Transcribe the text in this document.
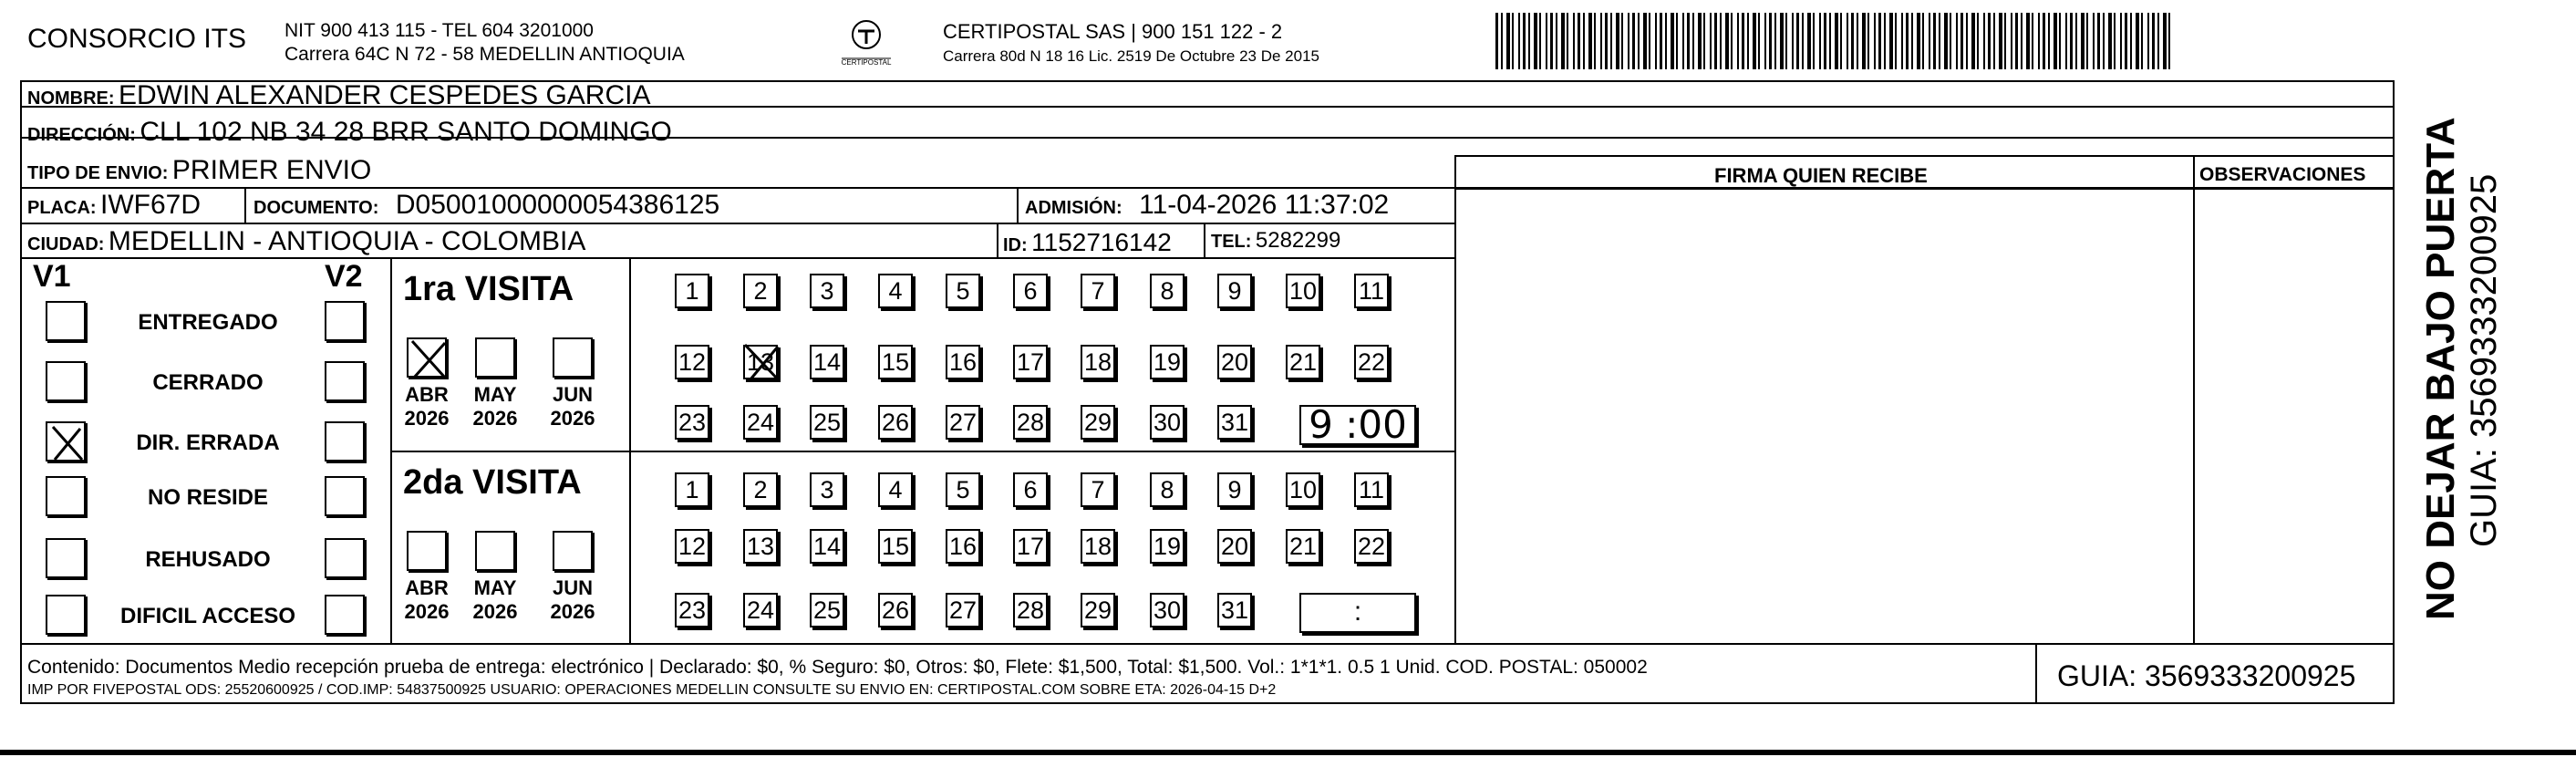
CONSORCIO ITS NIT 900 413 115 - TEL 604 3201000
Carrera 64C N 72 - 58 MEDELLIN ANTIOQUIA	CERTIPOSTAL
CERTIPOSTAL SAS | 900 151 122 - 2
Carrera 80d N 18 16 Lic. 2519 De Octubre 23 De 2015
NOMBRE: EDWIN ALEXANDER CESPEDES GARCIA
DIRECCIÓN: CLL 102 NB 34 28 BRR SANTO DOMINGO
TIPO DE ENVIO: PRIMER ENVIO	FIRMA QUIEN RECIBE	OBSERVACIONES
PLACA: IWF67D	DOCUMENTO: D05001000000054386125	ADMISIÓN: 11-04-2026 11:37:02
CIUDAD: MEDELLIN - ANTIOQUIA - COLOMBIA	ID: 1152716142 TEL: 5282299
V1	V2
ENTREGADO
CERRADO
DIR. ERRADA
NO RESIDE
REHUSADO
DIFICIL ACCESO
1ra VISITA
2da VISITA
ABR
2026
MAY
2026
JUN
2026
ABR
2026
MAY
2026
JUN
2026
1	2	3	4	5	6	7	8	9	10 11
12 13 14 15 16 17 18 19 20 21 22
23 24 25 26 27 28 29 30 31
1	2	3	4	5	6	7	8	9	10 11
12 13 14 15 16 17 18 19 20 21 22
23 24 25 26 27 28 29 30 31
9 :00
:
Contenido: Documentos Medio recepción prueba de entrega: electrónico | Declarado: $0, % Seguro: $0, Otros: $0, Flete: $1,500, Total: $1,500. Vol.: 1*1*1. 0.5 1 Unid. COD. POSTAL: 050002
IMP POR FIVEPOSTAL ODS: 25520600925 / COD.IMP: 54837500925 USUARIO: OPERACIONES MEDELLIN CONSULTE SU ENVIO EN: CERTIPOSTAL.COM SOBRE ETA: 2026-04-15 D+2	GUIA: 3569333200925
NO DEJAR BAJO PUERTA GUIA: 3569333200925
